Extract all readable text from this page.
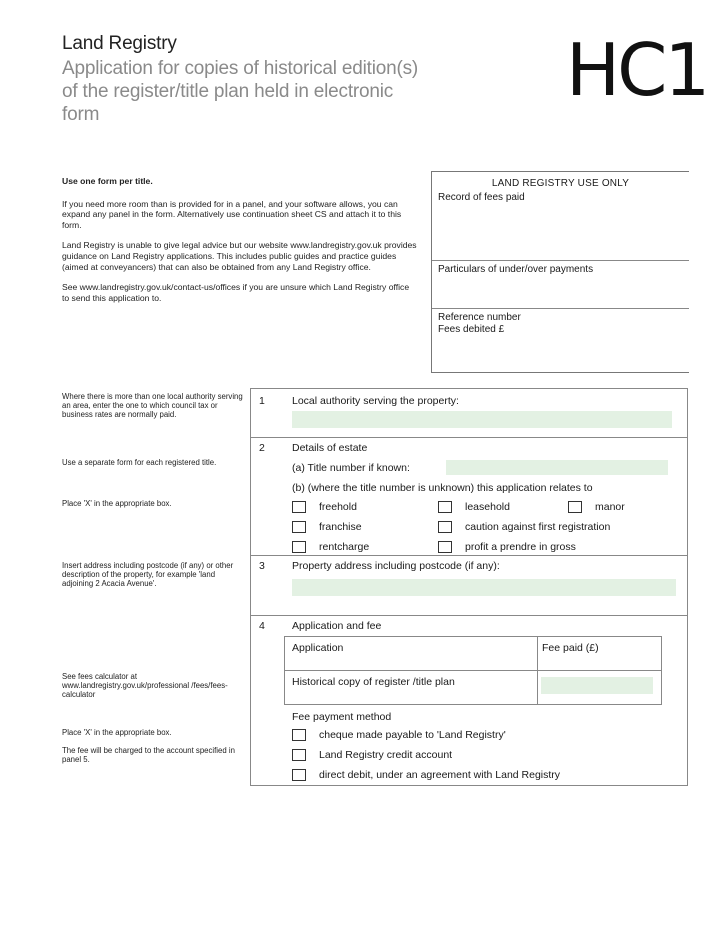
Land Registry
Application for copies of historical edition(s) of the register/title plan held in electronic form
HC1

Use one form per title.

If you need more room than is provided for in a panel, and your software allows, you can expand any panel in the form. Alternatively use continuation sheet CS and attach it to this form.

Land Registry is unable to give legal advice but our website www.landregistry.gov.uk provides guidance on Land Registry applications. This includes public guides and practice guides (aimed at conveyancers) that can also be obtained from any Land Registry office.

See www.landregistry.gov.uk/contact-us/offices if you are unsure which Land Registry office to send this application to.

LAND REGISTRY USE ONLY
Record of fees paid
Particulars of under/over payments
Reference number
Fees debited £
Where there is more than one local authority serving an area, enter the one to which council tax or business rates are normally paid.
Use a separate form for each registered title.
Place 'X' in the appropriate box.
Insert address including postcode (if any) or other description of the property, for example 'land adjoining 2 Acacia Avenue'.
See fees calculator at www.landregistry.gov.uk/professional /fees/fees-calculator
Place 'X' in the appropriate box.
The fee will be charged to the account specified in panel 5.
1	Local authority serving the property:
2	Details of estate
(a) Title number if known:
(b) (where the title number is unknown) this application relates to
freehold	leasehold	manor
franchise	caution against first registration
rentcharge	profit a prendre in gross
3	Property address including postcode (if any):
4	Application and fee
Fee payment method
cheque made payable to 'Land Registry'
Land Registry credit account
direct debit, under an agreement with Land Registry
Application	Fee paid (£)
Historical copy of register /title plan
